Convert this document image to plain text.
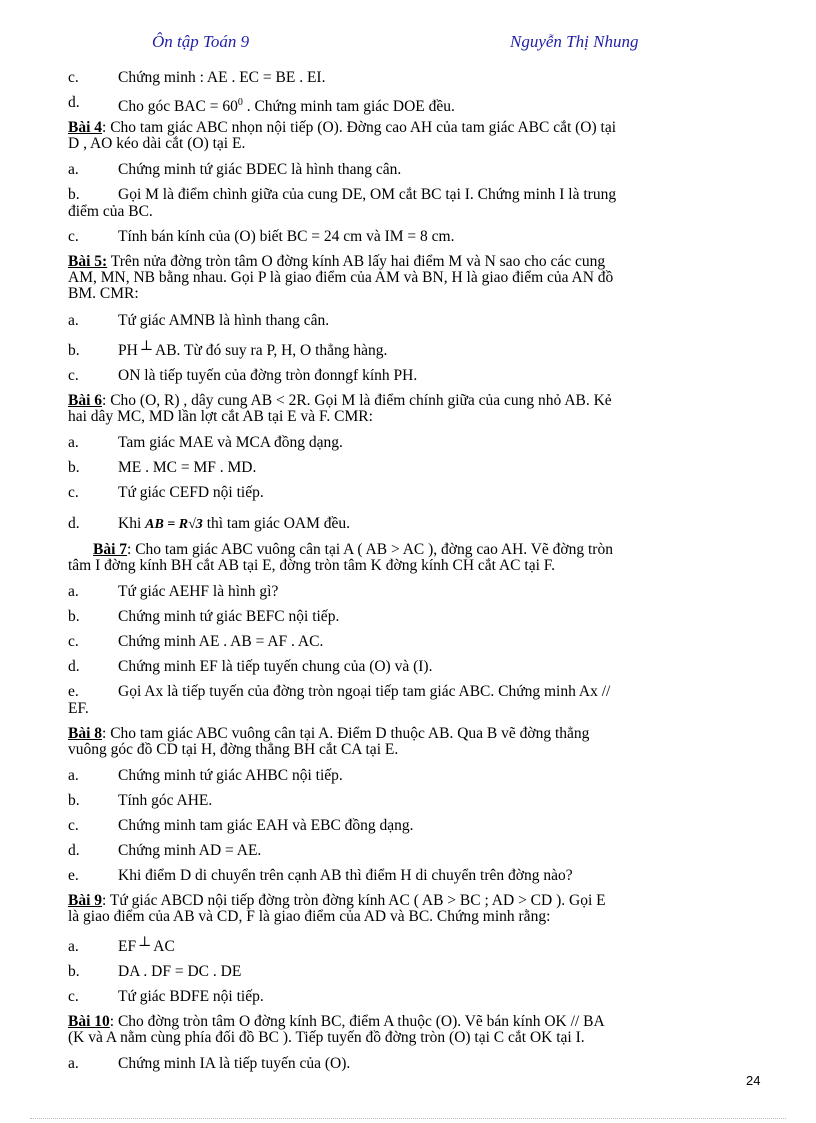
Ôn tập Toán 9	Nguyễn Thị Nhung
c.	Chứng minh : AE . EC = BE . EI.
d. Cho góc BAC = $60^0$ . Chứng minh tam giác DOE đều.
Bài 4: Cho tam giác ABC nhọn nội tiếp (O). Đờng cao AH của tam giác ABC cắt (O) tại
D , AO kéo dài cắt (O) tại E.
a.	Chứng minh tứ giác BDEC là hình thang cân.
b. Gọi M là điểm chình giữa của cung DE, OM cắt BC tại I. Chứng minh I là trung
điểm của BC.
c.	Tính bán kính của (O) biết BC = 24 cm và IM = 8 cm.
Bài 5: Trên nửa đờng tròn tâm O đờng kính AB lấy hai điểm M và N sao cho các cung
AM, MN, NB bằng nhau. Gọi P là giao điểm của AM và BN, H là giao điểm của AN đồ
BM. CMR:
a.	Tứ giác AMNB là hình thang cân.
b. PH ⊥ AB. Từ đó suy ra P, H, O thẳng hàng.
c.	ON là tiếp tuyến của đờng tròn đonngf kính PH.
Bài 6: Cho (O, R) , dây cung AB < 2R. Gọi M là điểm chính giữa của cung nhỏ AB. Kẻ
hai dây MC, MD lần lợt cắt AB tại E và F. CMR:
a.	Tam giác MAE và MCA đồng dạng.
b. ME . MC = MF . MD.
c.	Tứ giác CEFD nội tiếp.
d. Khi AB = R√3 thì tam giác OAM đều.
Bài 7: Cho tam giác ABC vuông cân tại A ( AB > AC ), đờng cao AH. Vẽ đờng tròn
tâm I đờng kính BH cắt AB tại E, đờng tròn tâm K đờng kính CH cắt AC tại F.
a.	Tứ giác AEHF là hình gì?
b. Chứng minh tứ giác BEFC nội tiếp.
c.	Chứng minh AE . AB = AF . AC.
d. Chứng minh EF là tiếp tuyến chung của (O) và (I).
e.	Gọi Ax là tiếp tuyến của đờng tròn ngoại tiếp tam giác ABC. Chứng minh Ax //
EF.
Bài 8: Cho tam giác ABC vuông cân tại A. Điểm D thuộc AB. Qua B vẽ đờng thẳng
vuông góc đồ CD tại H, đờng thẳng BH cắt CA tại E.
a.	Chứng minh tứ giác AHBC nội tiếp.
b. Tính góc AHE.
c.	Chứng minh tam giác EAH và EBC đồng dạng.
d. Chứng minh AD = AE.
e.	Khi điểm D di chuyển trên cạnh AB thì điểm H di chuyển trên đờng nào?
Bài 9: Tứ giác ABCD nội tiếp đờng tròn đờng kính AC ( AB > BC ; AD > CD ). Gọi E
là giao điểm của AB và CD, F là giao điểm của AD và BC. Chứng minh rằng:
a.	EF ⊥ AC
b. DA . DF = DC . DE
c.	Tứ giác BDFE nội tiếp.
Bài 10: Cho đờng tròn tâm O đờng kính BC, điểm A thuộc (O). Vẽ bán kính OK // BA
(K và A nằm cùng phía đối đồ BC ). Tiếp tuyến đồ đờng tròn (O) tại C cắt OK tại I.
a.	Chứng minh IA là tiếp tuyến của (O).
24
